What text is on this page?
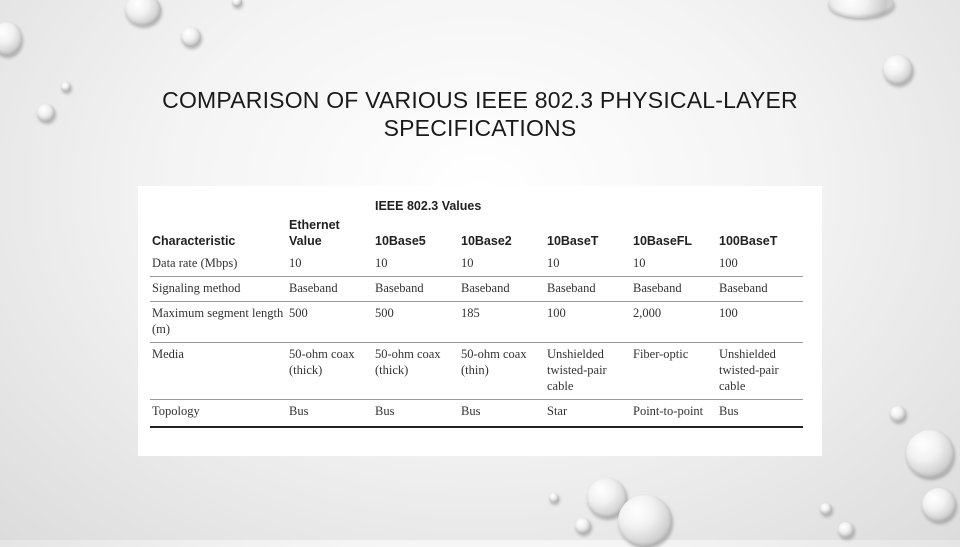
COMPARISON OF VARIOUS IEEE 802.3 PHYSICAL-LAYER
SPECIFICATIONS
		IEEE 802.3 Values				
Characteristic	Ethernet Value	10Base5	10Base2	10BaseT	10BaseFL	100BaseT
Data rate (Mbps)	10	10	10	10	10	100
Signaling method	Baseband	Baseband	Baseband	Baseband	Baseband	Baseband
Maximum segment length (m)	500	500	185	100	2,000	100
Media	50-ohm coax (thick)	50-ohm coax (thick)	50-ohm coax (thin)	Unshielded twisted-pair cable	Fiber-optic	Unshielded twisted-pair cable
Topology	Bus	Bus	Bus	Star	Point-to-point	Bus
